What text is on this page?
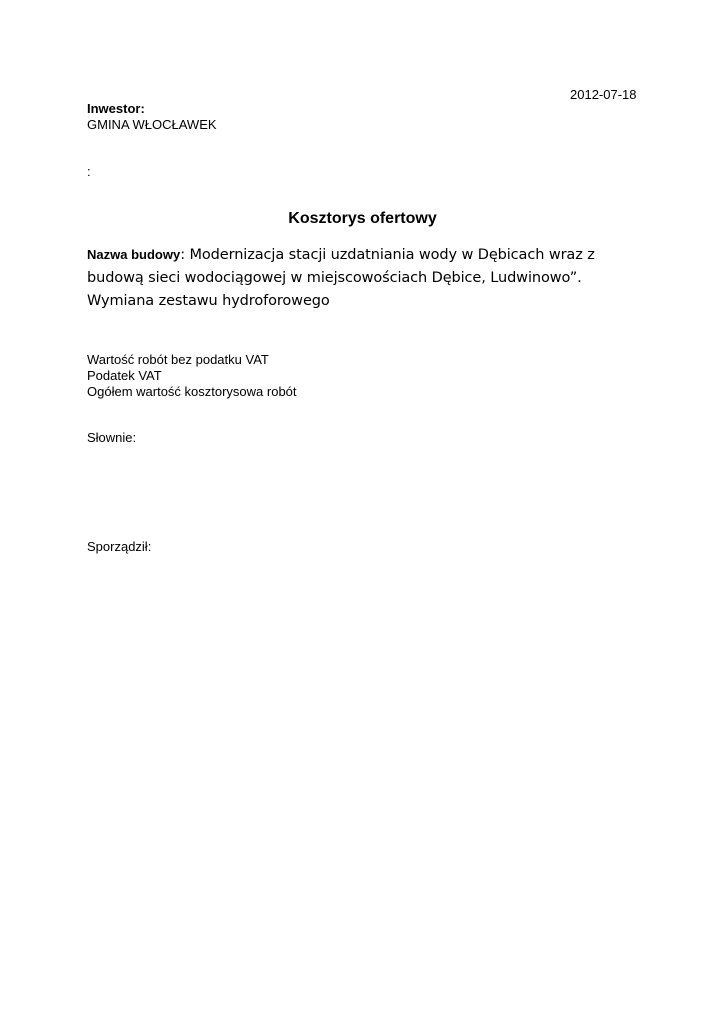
2012-07-18
Inwestor:
GMINA WŁOCŁAWEK
:
Kosztorys ofertowy
Nazwa budowy: Modernizacja stacji uzdatniania wody w Dębicach wraz z budową sieci wodociągowej w miejscowościach Dębice, Ludwinowo”. Wymiana zestawu hydroforowego
Wartość robót bez podatku VAT
Podatek VAT
Ogółem wartość kosztorysowa robót
Słownie:
Sporządził:
